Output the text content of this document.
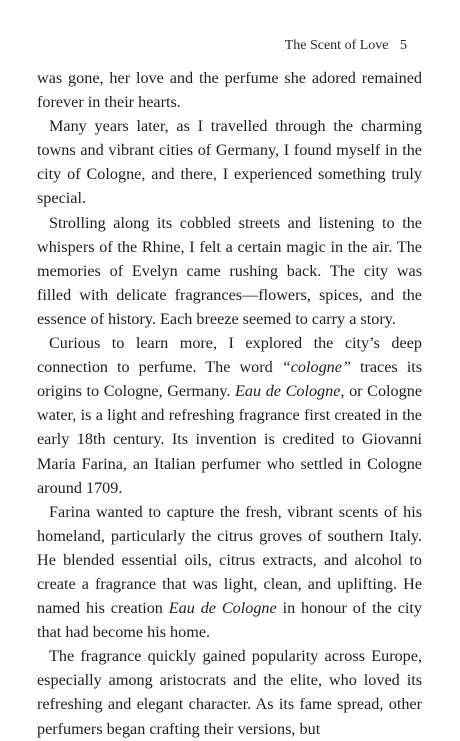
The Scent of Love 5

was gone, her love and the perfume she adored remained forever in their hearts.

Many years later, as I travelled through the charming towns and vibrant cities of Germany, I found myself in the city of Cologne, and there, I experienced something truly special.

Strolling along its cobbled streets and listening to the whispers of the Rhine, I felt a certain magic in the air. The memories of Evelyn came rushing back. The city was filled with delicate fragrances—flowers, spices, and the essence of history. Each breeze seemed to carry a story.

Curious to learn more, I explored the city’s deep connection to perfume. The word “cologne” traces its origins to Cologne, Germany. Eau de Cologne, or Cologne water, is a light and refreshing fragrance first created in the early 18th century. Its invention is credited to Giovanni Maria Farina, an Italian perfumer who settled in Cologne around 1709.

Farina wanted to capture the fresh, vibrant scents of his homeland, particularly the citrus groves of southern Italy. He blended essential oils, citrus extracts, and alcohol to create a fragrance that was light, clean, and uplifting. He named his creation Eau de Cologne in honour of the city that had become his home.

The fragrance quickly gained popularity across Europe, especially among aristocrats and the elite, who loved its refreshing and elegant character. As its fame spread, other perfumers began crafting their versions, but
